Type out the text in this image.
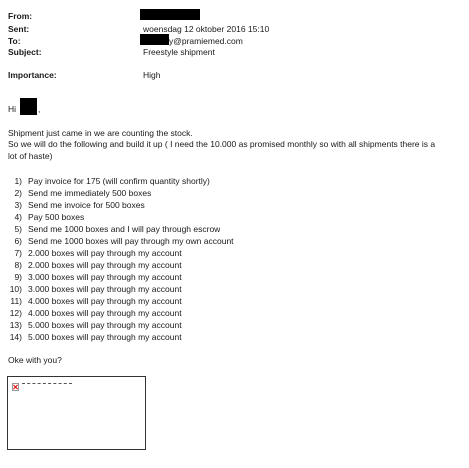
From:
Sent:	woensdag 12 oktober 2016 15:10
To:	y@pramiemed.com
Subject:	Freestyle shipment
Importance:	High
Hi	,
Shipment just came in we are counting the stock.
So we will do the following and build it up ( I need the 10.000 as promised monthly so with all shipments there is a
lot of haste)
1) Pay invoice for 175 (will confirm quantity shortly)
2) Send me immediately 500 boxes
3) Send me invoice for 500 boxes
4) Pay 500 boxes
5) Send me 1000 boxes and I will pay through escrow
6) Send me 1000 boxes will pay through my own account
7) 2.000 boxes will pay through my account
8) 2.000 boxes will pay through my account
9) 3.000 boxes will pay through my account
10) 3.000 boxes will pay through my account
11) 4.000 boxes will pay through my account
12) 4.000 boxes will pay through my account
13) 5.000 boxes will pay through my account
14) 5.000 boxes will pay through my account
Oke with you?
